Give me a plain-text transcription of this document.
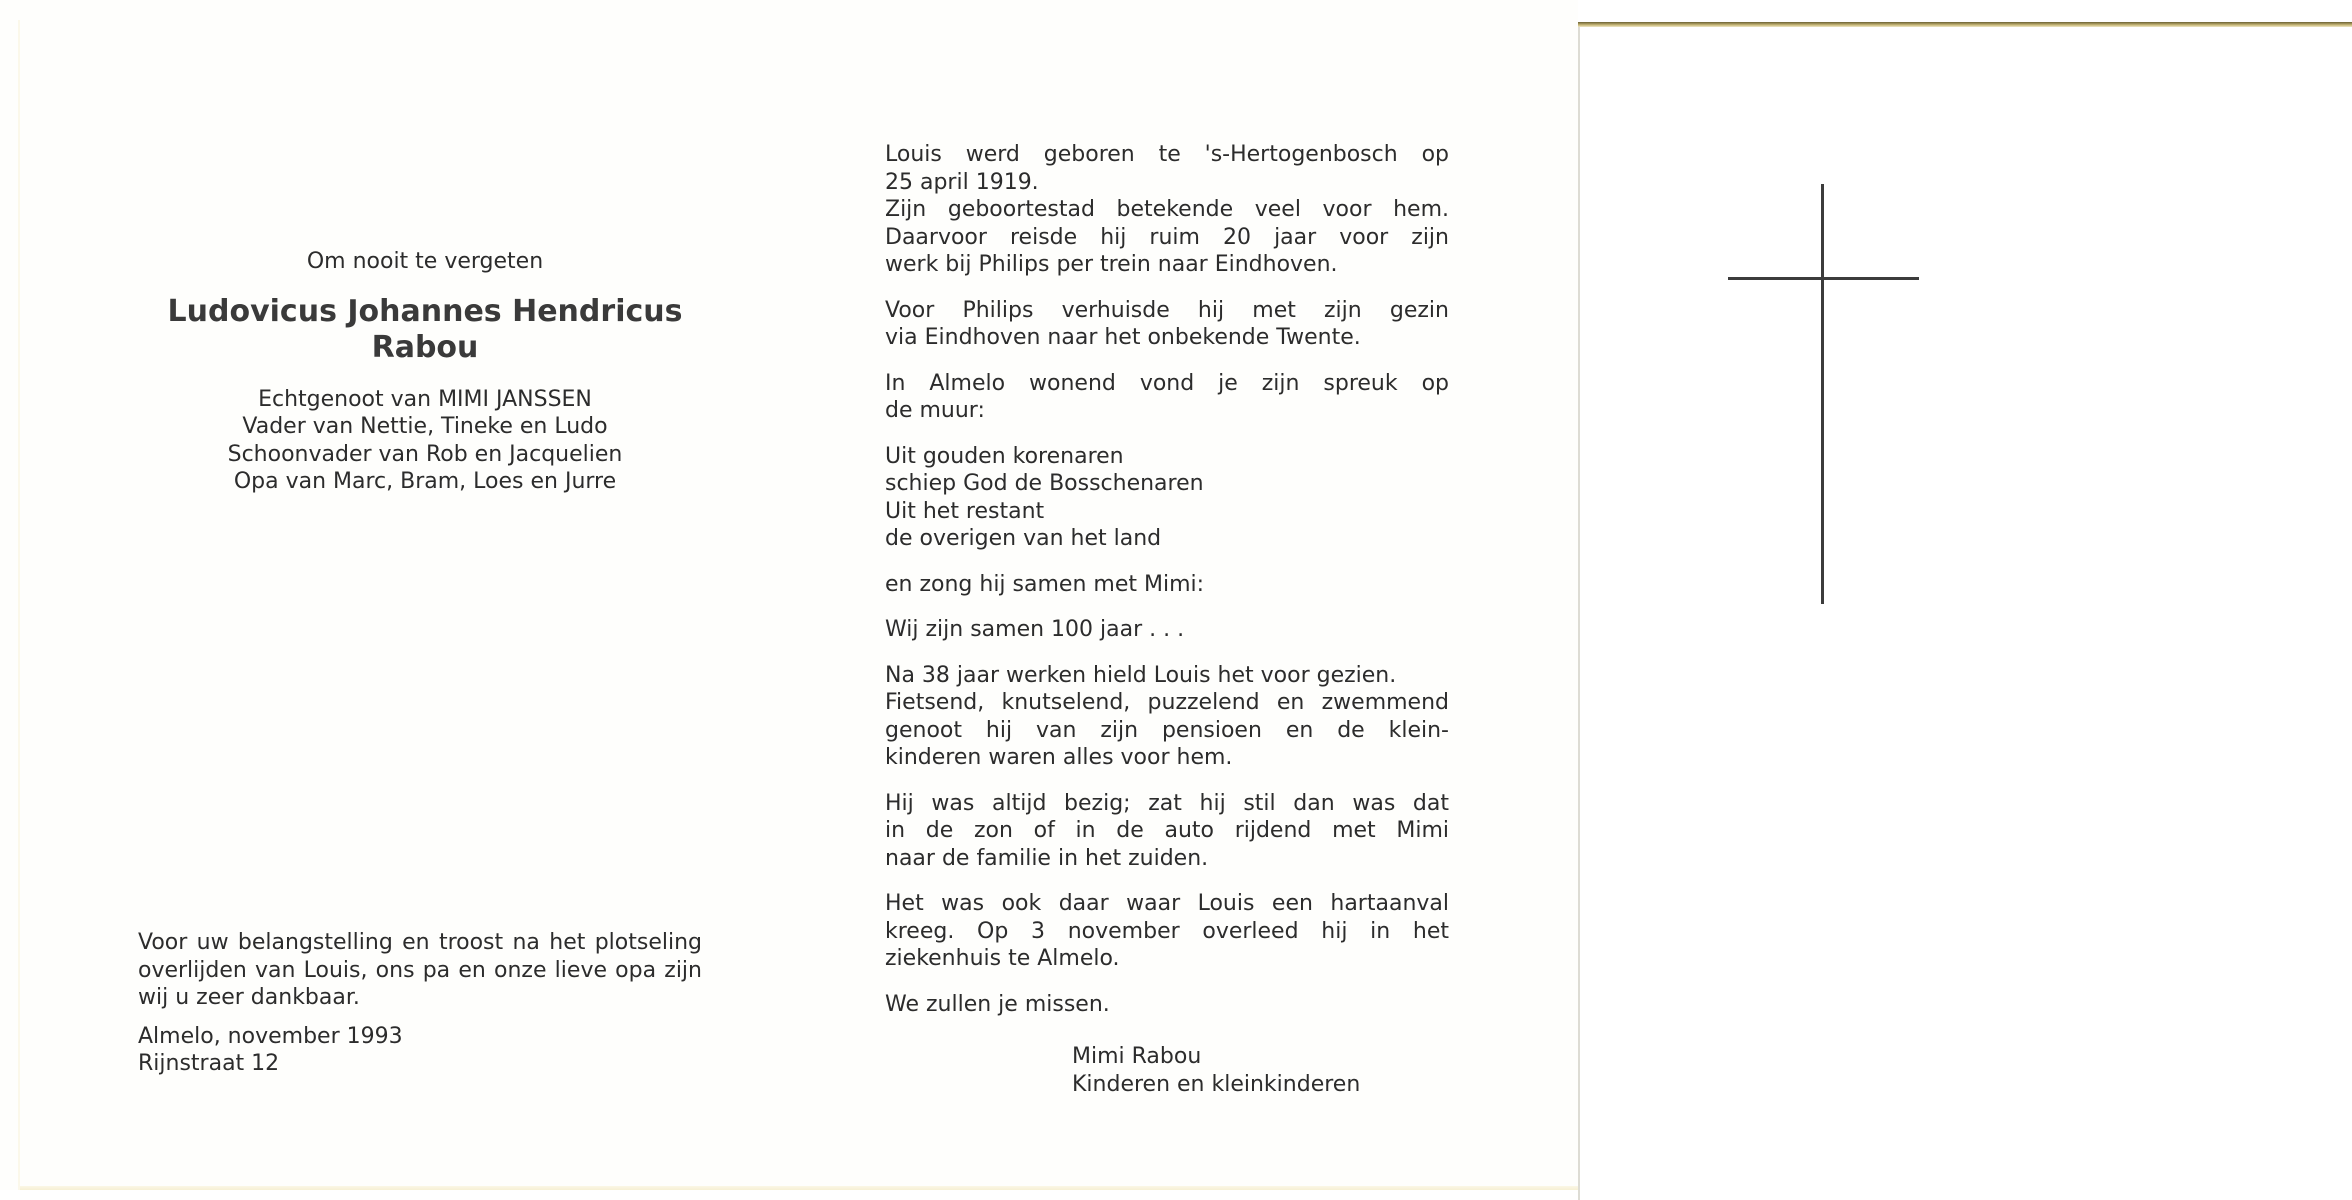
Om nooit te vergeten

Ludovicus Johannes Hendricus
Rabou

Echtgenoot van MIMI JANSSEN

Vader van Nettie, Tineke en Ludo

Schoonvader van Rob en Jacquelien

Opa van Marc, Bram, Loes en Jurre

Voor uw belangstelling en troost na het plotseling overlijden van Louis, ons pa en onze lieve opa zijn wij u zeer dankbaar.

Almelo, november 1993
Rijnstraat 12

Louis werd geboren te 's-Hertogenbosch op
25 april 1919.
Zijn geboortestad betekende veel voor hem.
Daarvoor reisde hij ruim 20 jaar voor zijn
werk bij Philips per trein naar Eindhoven.

Voor Philips verhuisde hij met zijn gezin
via Eindhoven naar het onbekende Twente.

In Almelo wonend vond je zijn spreuk op
de muur:

Uit gouden korenaren
schiep God de Bosschenaren
Uit het restant
de overigen van het land

en zong hij samen met Mimi:

Wij zijn samen 100 jaar . . .

Na 38 jaar werken hield Louis het voor gezien.
Fietsend, knutselend, puzzelend en zwemmend
genoot hij van zijn pensioen en de klein-
kinderen waren alles voor hem.

Hij was altijd bezig; zat hij stil dan was dat
in de zon of in de auto rijdend met Mimi
naar de familie in het zuiden.

Het was ook daar waar Louis een hartaanval
kreeg. Op 3 november overleed hij in het
ziekenhuis te Almelo.

We zullen je missen.

Mimi Rabou
Kinderen en kleinkinderen
